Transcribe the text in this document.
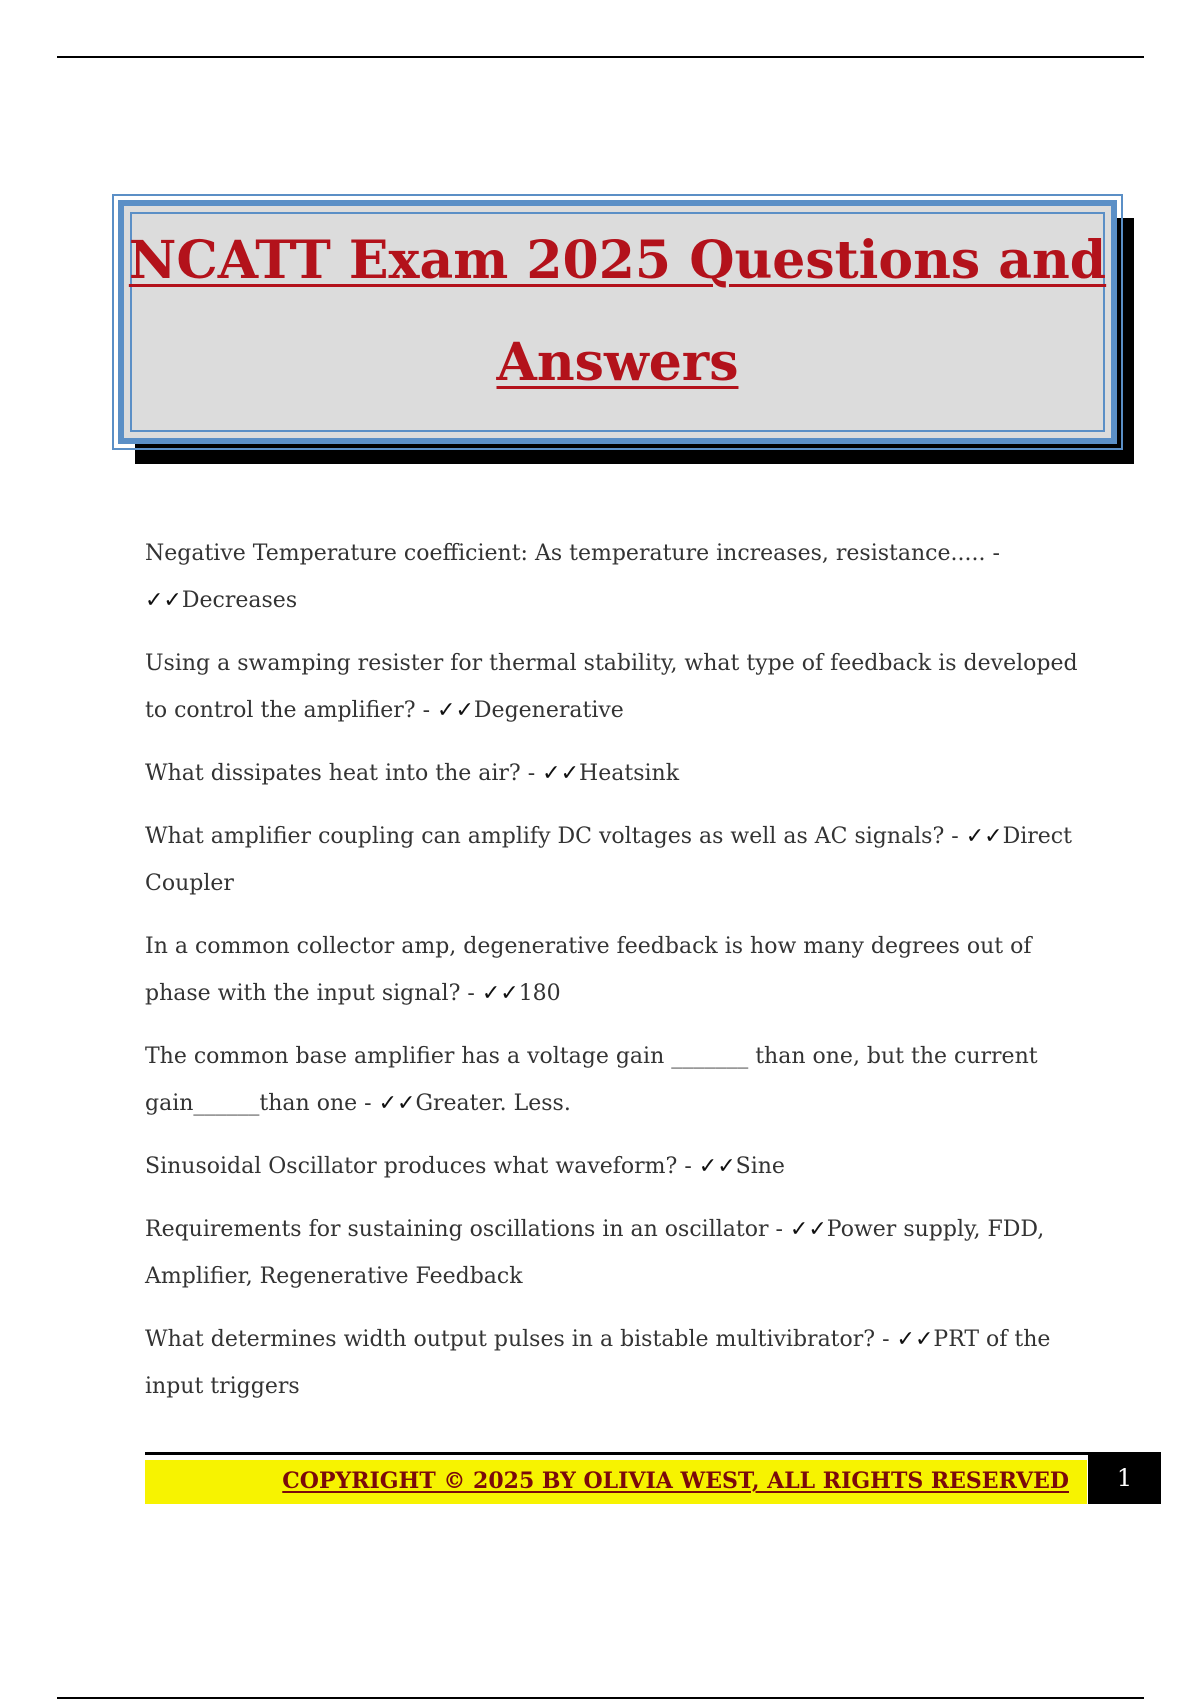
NCATT Exam 2025 Questions and
Answers

Negative Temperature coefficient: As temperature increases, resistance..... -
✓✓Decreases

Using a swamping resister for thermal stability, what type of feedback is developed to control the amplifier? - ✓✓Degenerative

What dissipates heat into the air? - ✓✓Heatsink

What amplifier coupling can amplify DC voltages as well as AC signals? - ✓✓Direct Coupler

In a common collector amp, degenerative feedback is how many degrees out of phase with the input signal? - ✓✓180

The common base amplifier has a voltage gain _______ than one, but the current gain______than one - ✓✓Greater. Less.

Sinusoidal Oscillator produces what waveform? - ✓✓Sine

Requirements for sustaining oscillations in an oscillator - ✓✓Power supply, FDD, Amplifier, Regenerative Feedback

What determines width output pulses in a bistable multivibrator? - ✓✓PRT of the input triggers

COPYRIGHT © 2025 BY OLIVIA WEST, ALL RIGHTS RESERVED	1
